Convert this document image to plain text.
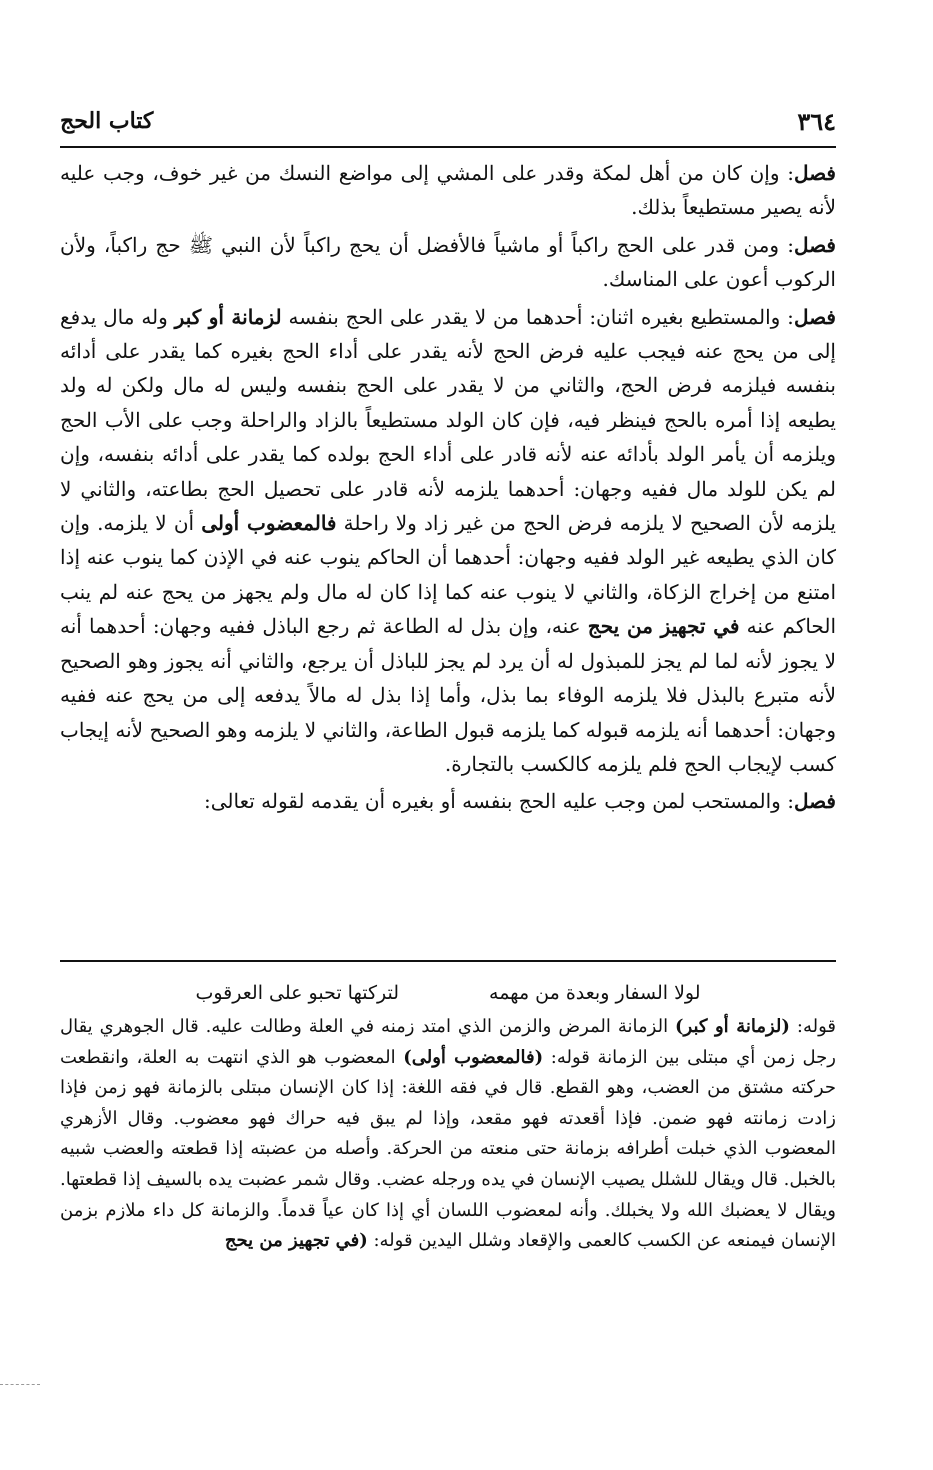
٣٦٤
كتاب الحج

فصل: وإن كان من أهل لمكة وقدر على المشي إلى مواضع النسك من غير خوف، وجب عليه لأنه يصير مستطيعاً بذلك.

فصل: ومن قدر على الحج راكباً أو ماشياً فالأفضل أن يحج راكباً لأن النبي ﷺ حج راكباً، ولأن الركوب أعون على المناسك.

فصل: والمستطيع بغيره اثنان: أحدهما من لا يقدر على الحج بنفسه لزمانة أو كبر وله مال يدفع إلى من يحج عنه فيجب عليه فرض الحج لأنه يقدر على أداء الحج بغيره كما يقدر على أدائه بنفسه فيلزمه فرض الحج، والثاني من لا يقدر على الحج بنفسه وليس له مال ولكن له ولد يطيعه إذا أمره بالحج فينظر فيه، فإن كان الولد مستطيعاً بالزاد والراحلة وجب على الأب الحج ويلزمه أن يأمر الولد بأدائه عنه لأنه قادر على أداء الحج بولده كما يقدر على أدائه بنفسه، وإن لم يكن للولد مال ففيه وجهان: أحدهما يلزمه لأنه قادر على تحصيل الحج بطاعته، والثاني لا يلزمه لأن الصحيح لا يلزمه فرض الحج من غير زاد ولا راحلة فالمعضوب أولى أن لا يلزمه. وإن كان الذي يطيعه غير الولد ففيه وجهان: أحدهما أن الحاكم ينوب عنه في الإذن كما ينوب عنه إذا امتنع من إخراج الزكاة، والثاني لا ينوب عنه كما إذا كان له مال ولم يجهز من يحج عنه لم ينب الحاكم عنه في تجهيز من يحج عنه، وإن بذل له الطاعة ثم رجع الباذل ففيه وجهان: أحدهما أنه لا يجوز لأنه لما لم يجز للمبذول له أن يرد لم يجز للباذل أن يرجع، والثاني أنه يجوز وهو الصحيح لأنه متبرع بالبذل فلا يلزمه الوفاء بما بذل، وأما إذا بذل له مالاً يدفعه إلى من يحج عنه ففيه وجهان: أحدهما أنه يلزمه قبوله كما يلزمه قبول الطاعة، والثاني لا يلزمه وهو الصحيح لأنه إيجاب كسب لإيجاب الحج فلم يلزمه كالكسب بالتجارة.

فصل: والمستحب لمن وجب عليه الحج بنفسه أو بغيره أن يقدمه لقوله تعالى:

لولا السفار وبعدة من مهمه
لتركتها تحبو على العرقوب

قوله: (لزمانة أو كبر) الزمانة المرض والزمن الذي امتد زمنه في العلة وطالت عليه. قال الجوهري يقال رجل زمن أي مبتلى بين الزمانة قوله: (فالمعضوب أولى) المعضوب هو الذي انتهت به العلة، وانقطعت حركته مشتق من العضب، وهو القطع. قال في فقه اللغة: إذا كان الإنسان مبتلى بالزمانة فهو زمن فإذا زادت زمانته فهو ضمن. فإذا أقعدته فهو مقعد، وإذا لم يبق فيه حراك فهو معضوب. وقال الأزهري المعضوب الذي خبلت أطرافه بزمانة حتى منعته من الحركة. وأصله من عضبته إذا قطعته والعضب شبيه بالخبل. قال ويقال للشلل يصيب الإنسان في يده ورجله عضب. وقال شمر عضبت يده بالسيف إذا قطعتها. ويقال لا يعضبك الله ولا يخبلك. وأنه لمعضوب اللسان أي إذا كان عياً قدماً. والزمانة كل داء ملازم بزمن الإنسان فيمنعه عن الكسب كالعمى والإقعاد وشلل اليدين قوله: (في تجهيز من يحج
